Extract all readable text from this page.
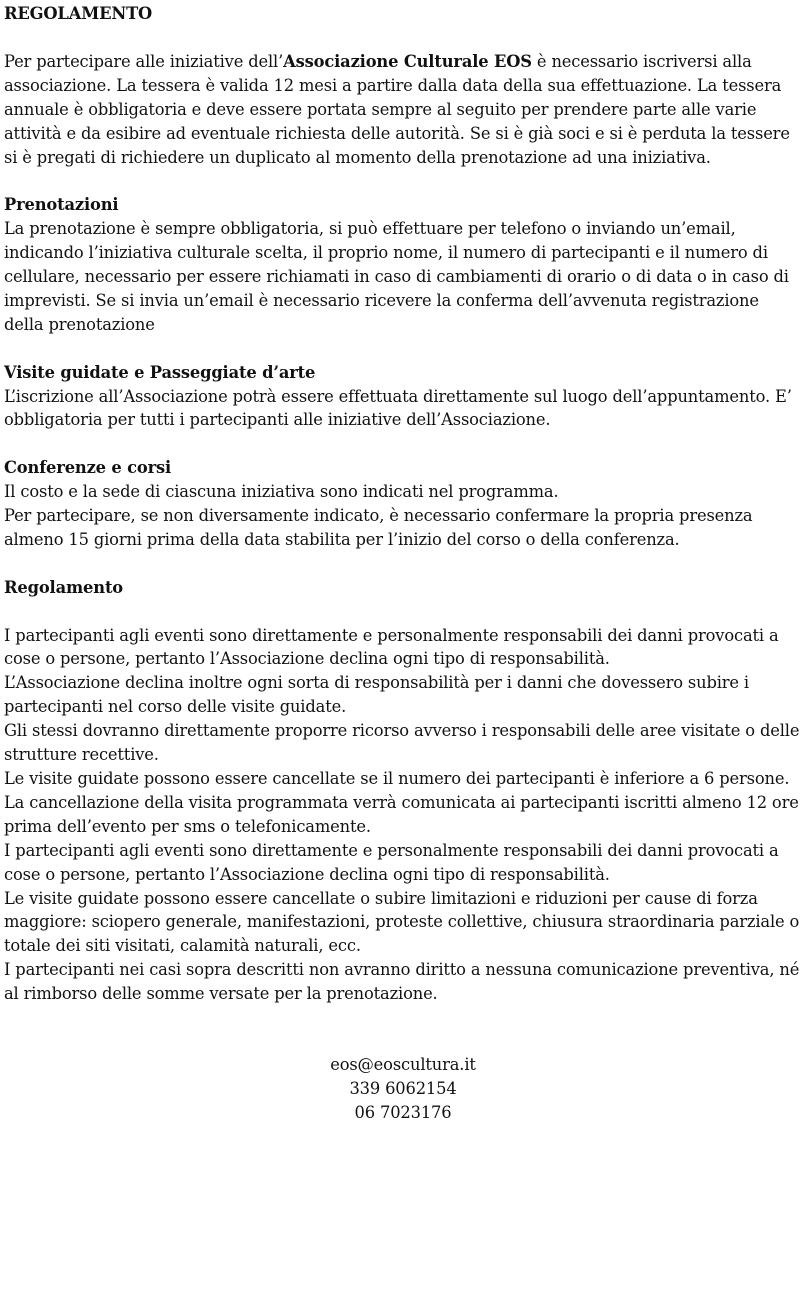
REGOLAMENTO

Per partecipare alle iniziative dell’Associazione Culturale EOS è necessario iscriversi alla associazione. La tessera è valida 12 mesi a partire dalla data della sua effettuazione. La tessera annuale è obbligatoria e deve essere portata sempre al seguito per prendere parte alle varie attività e da esibire ad eventuale richiesta delle autorità. Se si è già soci e si è perduta la tessere si è pregati di richiedere un duplicato al momento della prenotazione ad una iniziativa.

Prenotazioni

La prenotazione è sempre obbligatoria, si può effettuare per telefono o inviando un’email, indicando l’iniziativa culturale scelta, il proprio nome, il numero di partecipanti e il numero di cellulare, necessario per essere richiamati in caso di cambiamenti di orario o di data o in caso di imprevisti. Se si invia un’email è necessario ricevere la conferma dell’avvenuta registrazione della prenotazione

Visite guidate e Passeggiate d’arte

L’iscrizione all’Associazione potrà essere effettuata direttamente sul luogo dell’appuntamento. E’ obbligatoria per tutti i partecipanti alle iniziative dell’Associazione.

Conferenze e corsi

Il costo e la sede di ciascuna iniziativa sono indicati nel programma.

Per partecipare, se non diversamente indicato, è necessario confermare la propria presenza almeno 15 giorni prima della data stabilita per l’inizio del corso o della conferenza.

Regolamento

I partecipanti agli eventi sono direttamente e personalmente responsabili dei danni provocati a cose o persone, pertanto l’Associazione declina ogni tipo di responsabilità.

L’Associazione declina inoltre ogni sorta di responsabilità per i danni che dovessero subire i partecipanti nel corso delle visite guidate.

Gli stessi dovranno direttamente proporre ricorso avverso i responsabili delle aree visitate o delle strutture recettive.

Le visite guidate possono essere cancellate se il numero dei partecipanti è inferiore a 6 persone. La cancellazione della visita programmata verrà comunicata ai partecipanti iscritti almeno 12 ore prima dell’evento per sms o telefonicamente.

I partecipanti agli eventi sono direttamente e personalmente responsabili dei danni provocati a cose o persone, pertanto l’Associazione declina ogni tipo di responsabilità.

Le visite guidate possono essere cancellate o subire limitazioni e riduzioni per cause di forza maggiore: sciopero generale, manifestazioni, proteste collettive, chiusura straordinaria parziale o totale dei siti visitati, calamità naturali, ecc.

I partecipanti nei casi sopra descritti non avranno diritto a nessuna comunicazione preventiva, né al rimborso delle somme versate per la prenotazione.

eos@eoscultura.it
339 6062154
06 7023176
